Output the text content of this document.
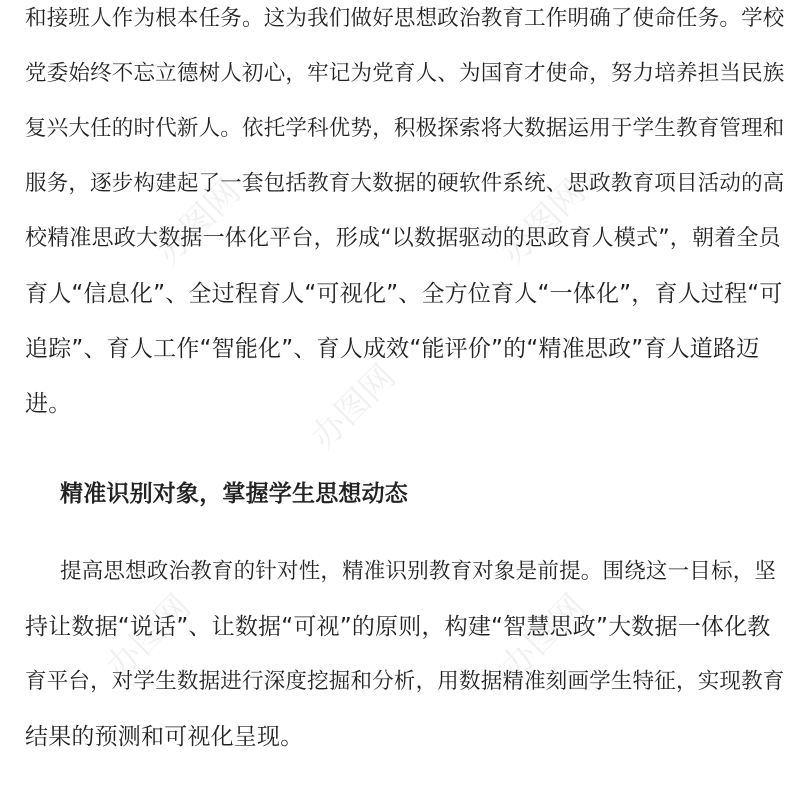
办图网	办图网
办图网
办图网	办图网
和接班人作为根本任务。这为我们做好思想政治教育工作明确了使命任务。学校
党委始终不忘立德树人初心，牢记为党育人、为国育才使命，努力培养担当民族
复兴大任的时代新人。依托学科优势，积极探索将大数据运用于学生教育管理和
服务，逐步构建起了一套包括教育大数据的硬软件系统、思政教育项目活动的高
校精准思政大数据一体化平台，形成“以数据驱动的思政育人模式”，朝着全员
育人“信息化”、全过程育人“可视化”、全方位育人“一体化”，育人过程“可
追踪”、育人工作“智能化”、育人成效“能评价”的“精准思政”育人道路迈
进。
精准识别对象，掌握学生思想动态
提高思想政治教育的针对性，精准识别教育对象是前提。围绕这一目标，坚
持让数据“说话”、让数据“可视”的原则，构建“智慧思政”大数据一体化教
育平台，对学生数据进行深度挖掘和分析，用数据精准刻画学生特征，实现教育
结果的预测和可视化呈现。
